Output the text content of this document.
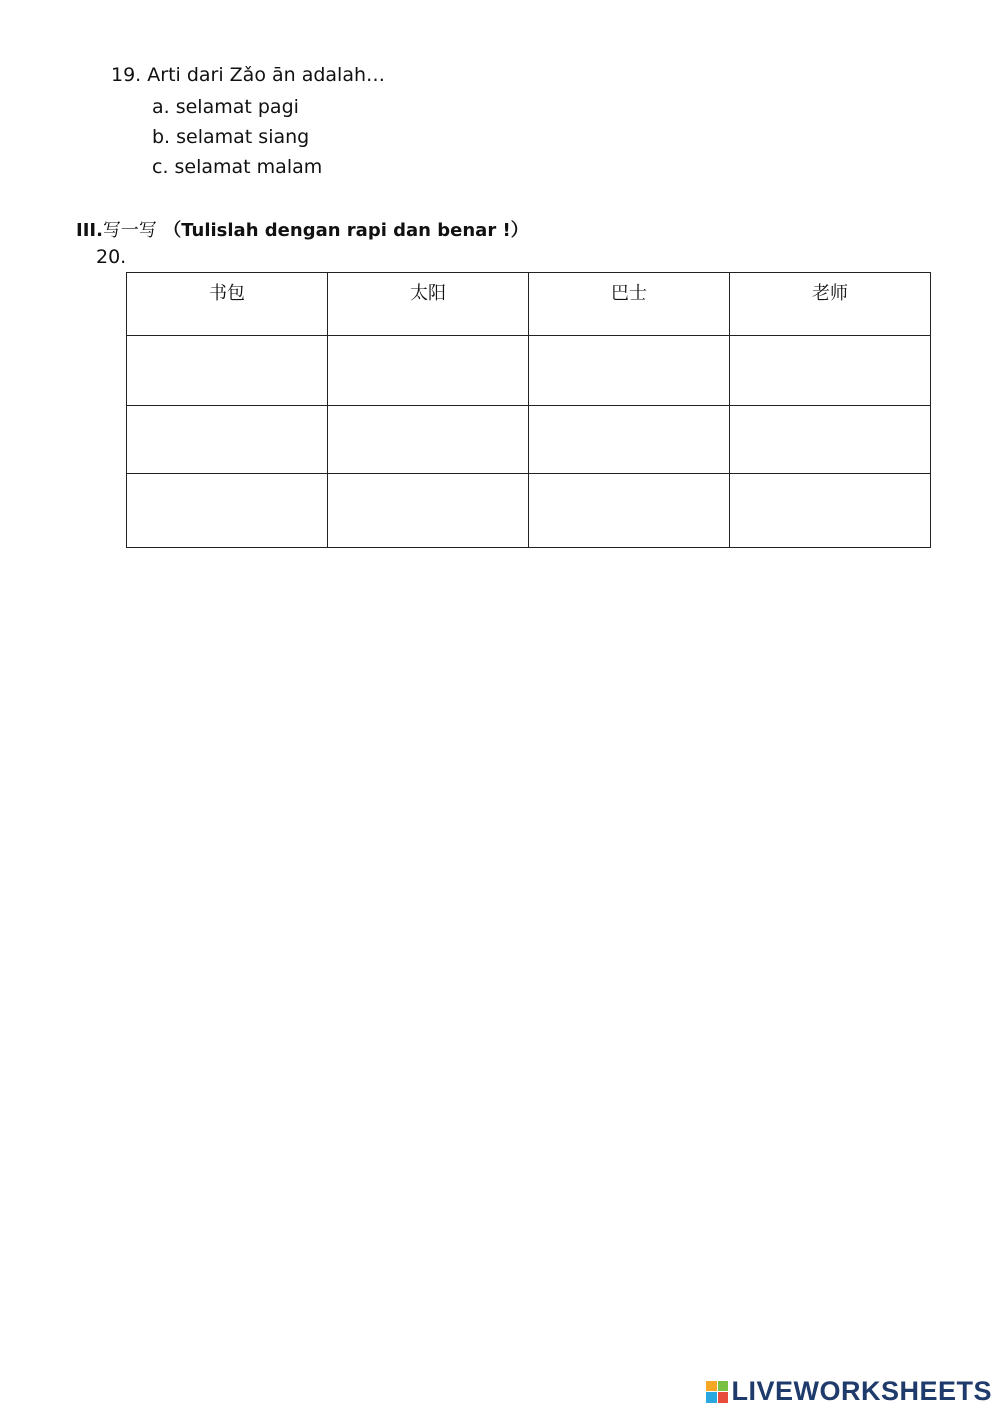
19. Arti dari Zǎo ān adalah…
a. selamat pagi
b. selamat siang
c. selamat malam
III.写一写 （Tulislah dengan rapi dan benar !）
20.
书包	太阳	巴士	老师

LIVEWORKSHEETS
